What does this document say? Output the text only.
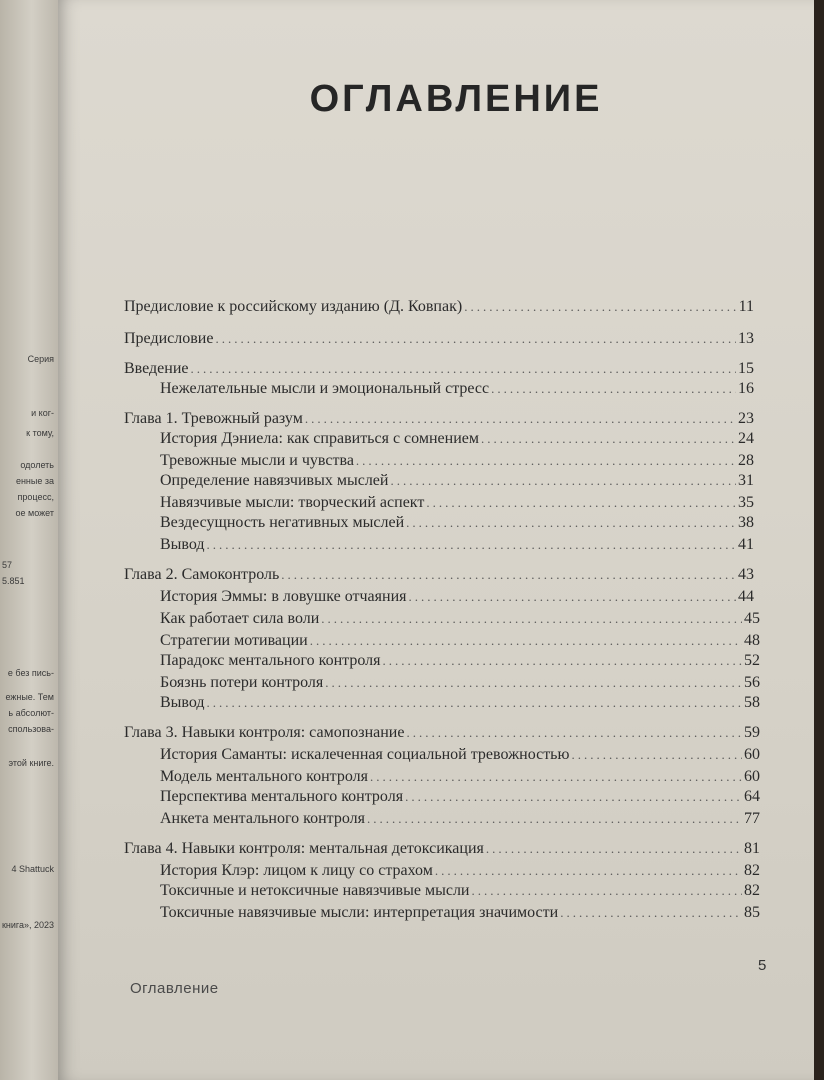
Серия
и ког-
к тому,
одолеть
енные за
процесс,
ое может
57
5.851
е без пись-
ежные. Тем
ь абсолют-
спользова-
этой книге.
4 Shattuck
книга», 2023
ОГЛАВЛЕНИЕ
Предисловие к российскому изданию (Д. Ковпак) .....	11
Предисловие .....	13
Введение .....	15
Нежелательные мысли и эмоциональный стресс .....	16
Глава 1. Тревожный разум .....	23
История Дэниела: как справиться с сомнением .....	24
Тревожные мысли и чувства .....	28
Определение навязчивых мыслей .....	31
Навязчивые мысли: творческий аспект .....	35
Вездесущность негативных мыслей .....	38
Вывод .....	41
Глава 2. Самоконтроль .....	43
История Эммы: в ловушке отчаяния .....	44
Как работает сила воли .....	45
Стратегии мотивации .....	48
Парадокс ментального контроля .....	52
Боязнь потери контроля .....	56
Вывод .....	58
Глава 3. Навыки контроля: самопознание .....	59
История Саманты: искалеченная социальной тревожностью .....	60
Модель ментального контроля .....	60
Перспектива ментального контроля .....	64
Анкета ментального контроля .....	77
Глава 4. Навыки контроля: ментальная детоксикация .....	81
История Клэр: лицом к лицу со страхом .....	82
Токсичные и нетоксичные навязчивые мысли .....	82
Токсичные навязчивые мысли: интерпретация значимости .....	85
5
Оглавление
